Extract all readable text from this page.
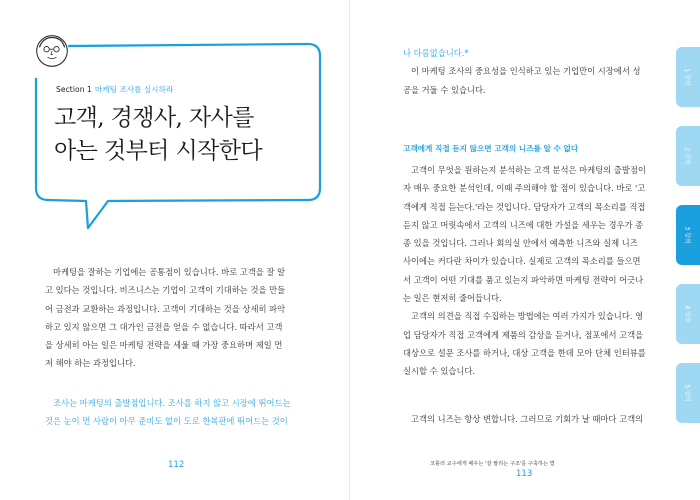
Section 1 마케팅 조사를 실시하라
고객, 경쟁사, 자사를
아는 것부터 시작한다
마케팅을 잘하는 기업에는 공통점이 있습니다. 바로 고객을 잘 알
고 있다는 것입니다. 비즈니스는 기업이 고객이 기대하는 것을 만들
어 금전과 교환하는 과정입니다. 고객이 기대하는 것을 상세히 파악
하고 있지 않으면 그 대가인 금전을 얻을 수 없습니다. 따라서 고객
을 상세히 아는 일은 마케팅 전략을 세울 때 가장 중요하며 제일 먼
저 해야 하는 과정입니다.
조사는 마케팅의 출발점입니다. 조사를 하지 않고 시장에 뛰어드는
것은 눈이 먼 사람이 아무 준비도 없이 도로 한복판에 뛰어드는 것이
112
나 다름없습니다.*
이 마케팅 조사의 중요성을 인식하고 있는 기업만이 시장에서 성
공을 거둘 수 있습니다.
고객에게 직접 듣지 않으면 고객의 니즈를 알 수 없다
고객이 무엇을 원하는지 분석하는 고객 분석은 마케팅의 출발점이
자 매우 중요한 분석인데, 이때 주의해야 할 점이 있습니다. 바로 '고
객에게 직접 듣는다.'라는 것입니다. 담당자가 고객의 목소리를 직접
듣지 않고 머릿속에서 고객의 니즈에 대한 가설을 세우는 경우가 종
종 있을 것입니다. 그러나 회의실 안에서 예측한 니즈와 실제 니즈
사이에는 커다란 차이가 있습니다. 실제로 고객의 목소리를 들으면
서 고객이 어떤 기대를 품고 있는지 파악하면 마케팅 전략이 어긋나
는 일은 현저히 줄어듭니다.
고객의 의견을 직접 수집하는 방법에는 여러 가지가 있습니다. 영
업 담당자가 직접 고객에게 제품의 감상을 듣거나, 점포에서 고객을
대상으로 설문 조사를 하거나, 대상 고객을 한데 모아 단체 인터뷰를
실시할 수 있습니다.
고객의 니즈는 항상 변합니다. 그러므로 기회가 날 때마다 고객의
코틀러 교수에게 배우는 '잘 팔리는 구조'를 구축하는 법
113
1 강의
2 강의
3 강의
4 강의
5 강의
